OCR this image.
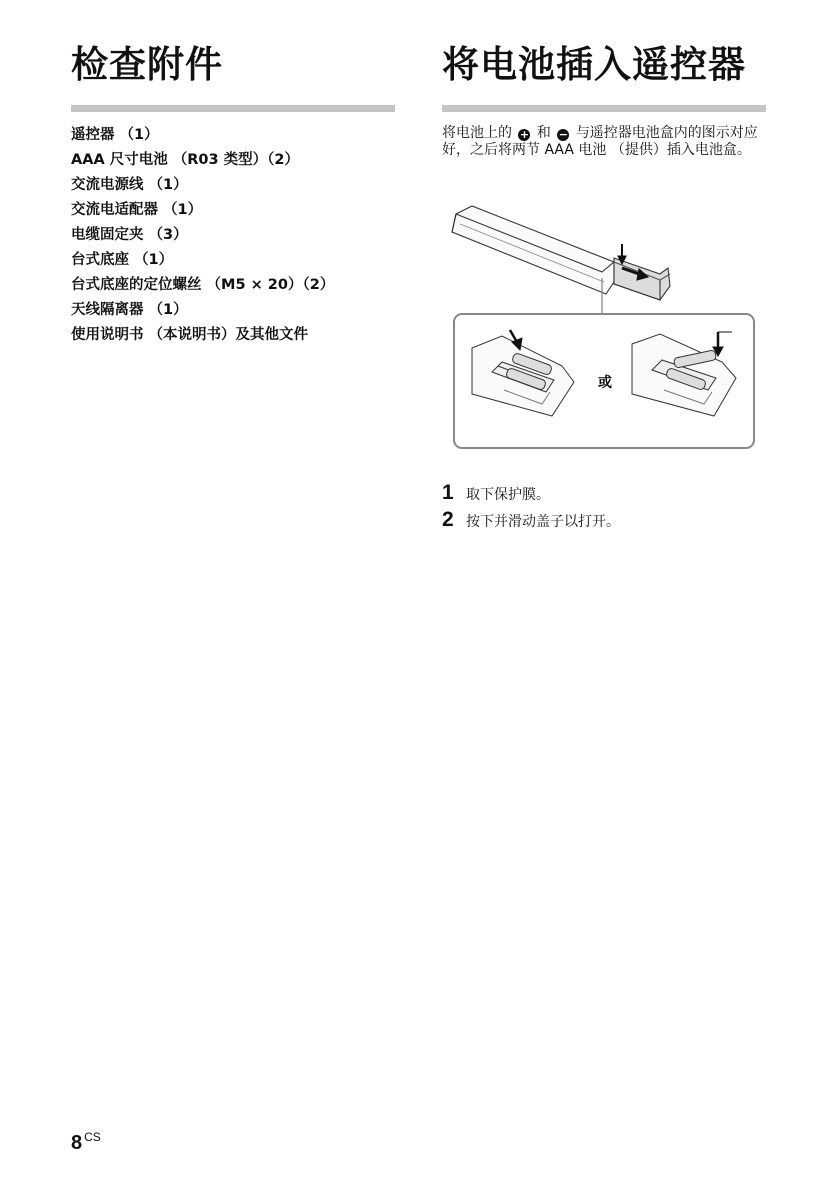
检查附件
遥控器 （1）
AAA 尺寸电池 （R03 类型）（2）
交流电源线 （1）
交流电适配器 （1）
电缆固定夹 （3）
台式底座 （1）
台式底座的定位螺丝 （M5 × 20）（2）
天线隔离器 （1）
使用说明书 （本说明书）及其他文件
将电池插入遥控器

将电池上的 + 和 − 与遥控器电池盒内的图示对应好，之后将两节 AAA 电池 （提供）插入电池盒。

或
1 取下保护膜。
2 按下并滑动盖子以打开。
8 $^{CS}$
